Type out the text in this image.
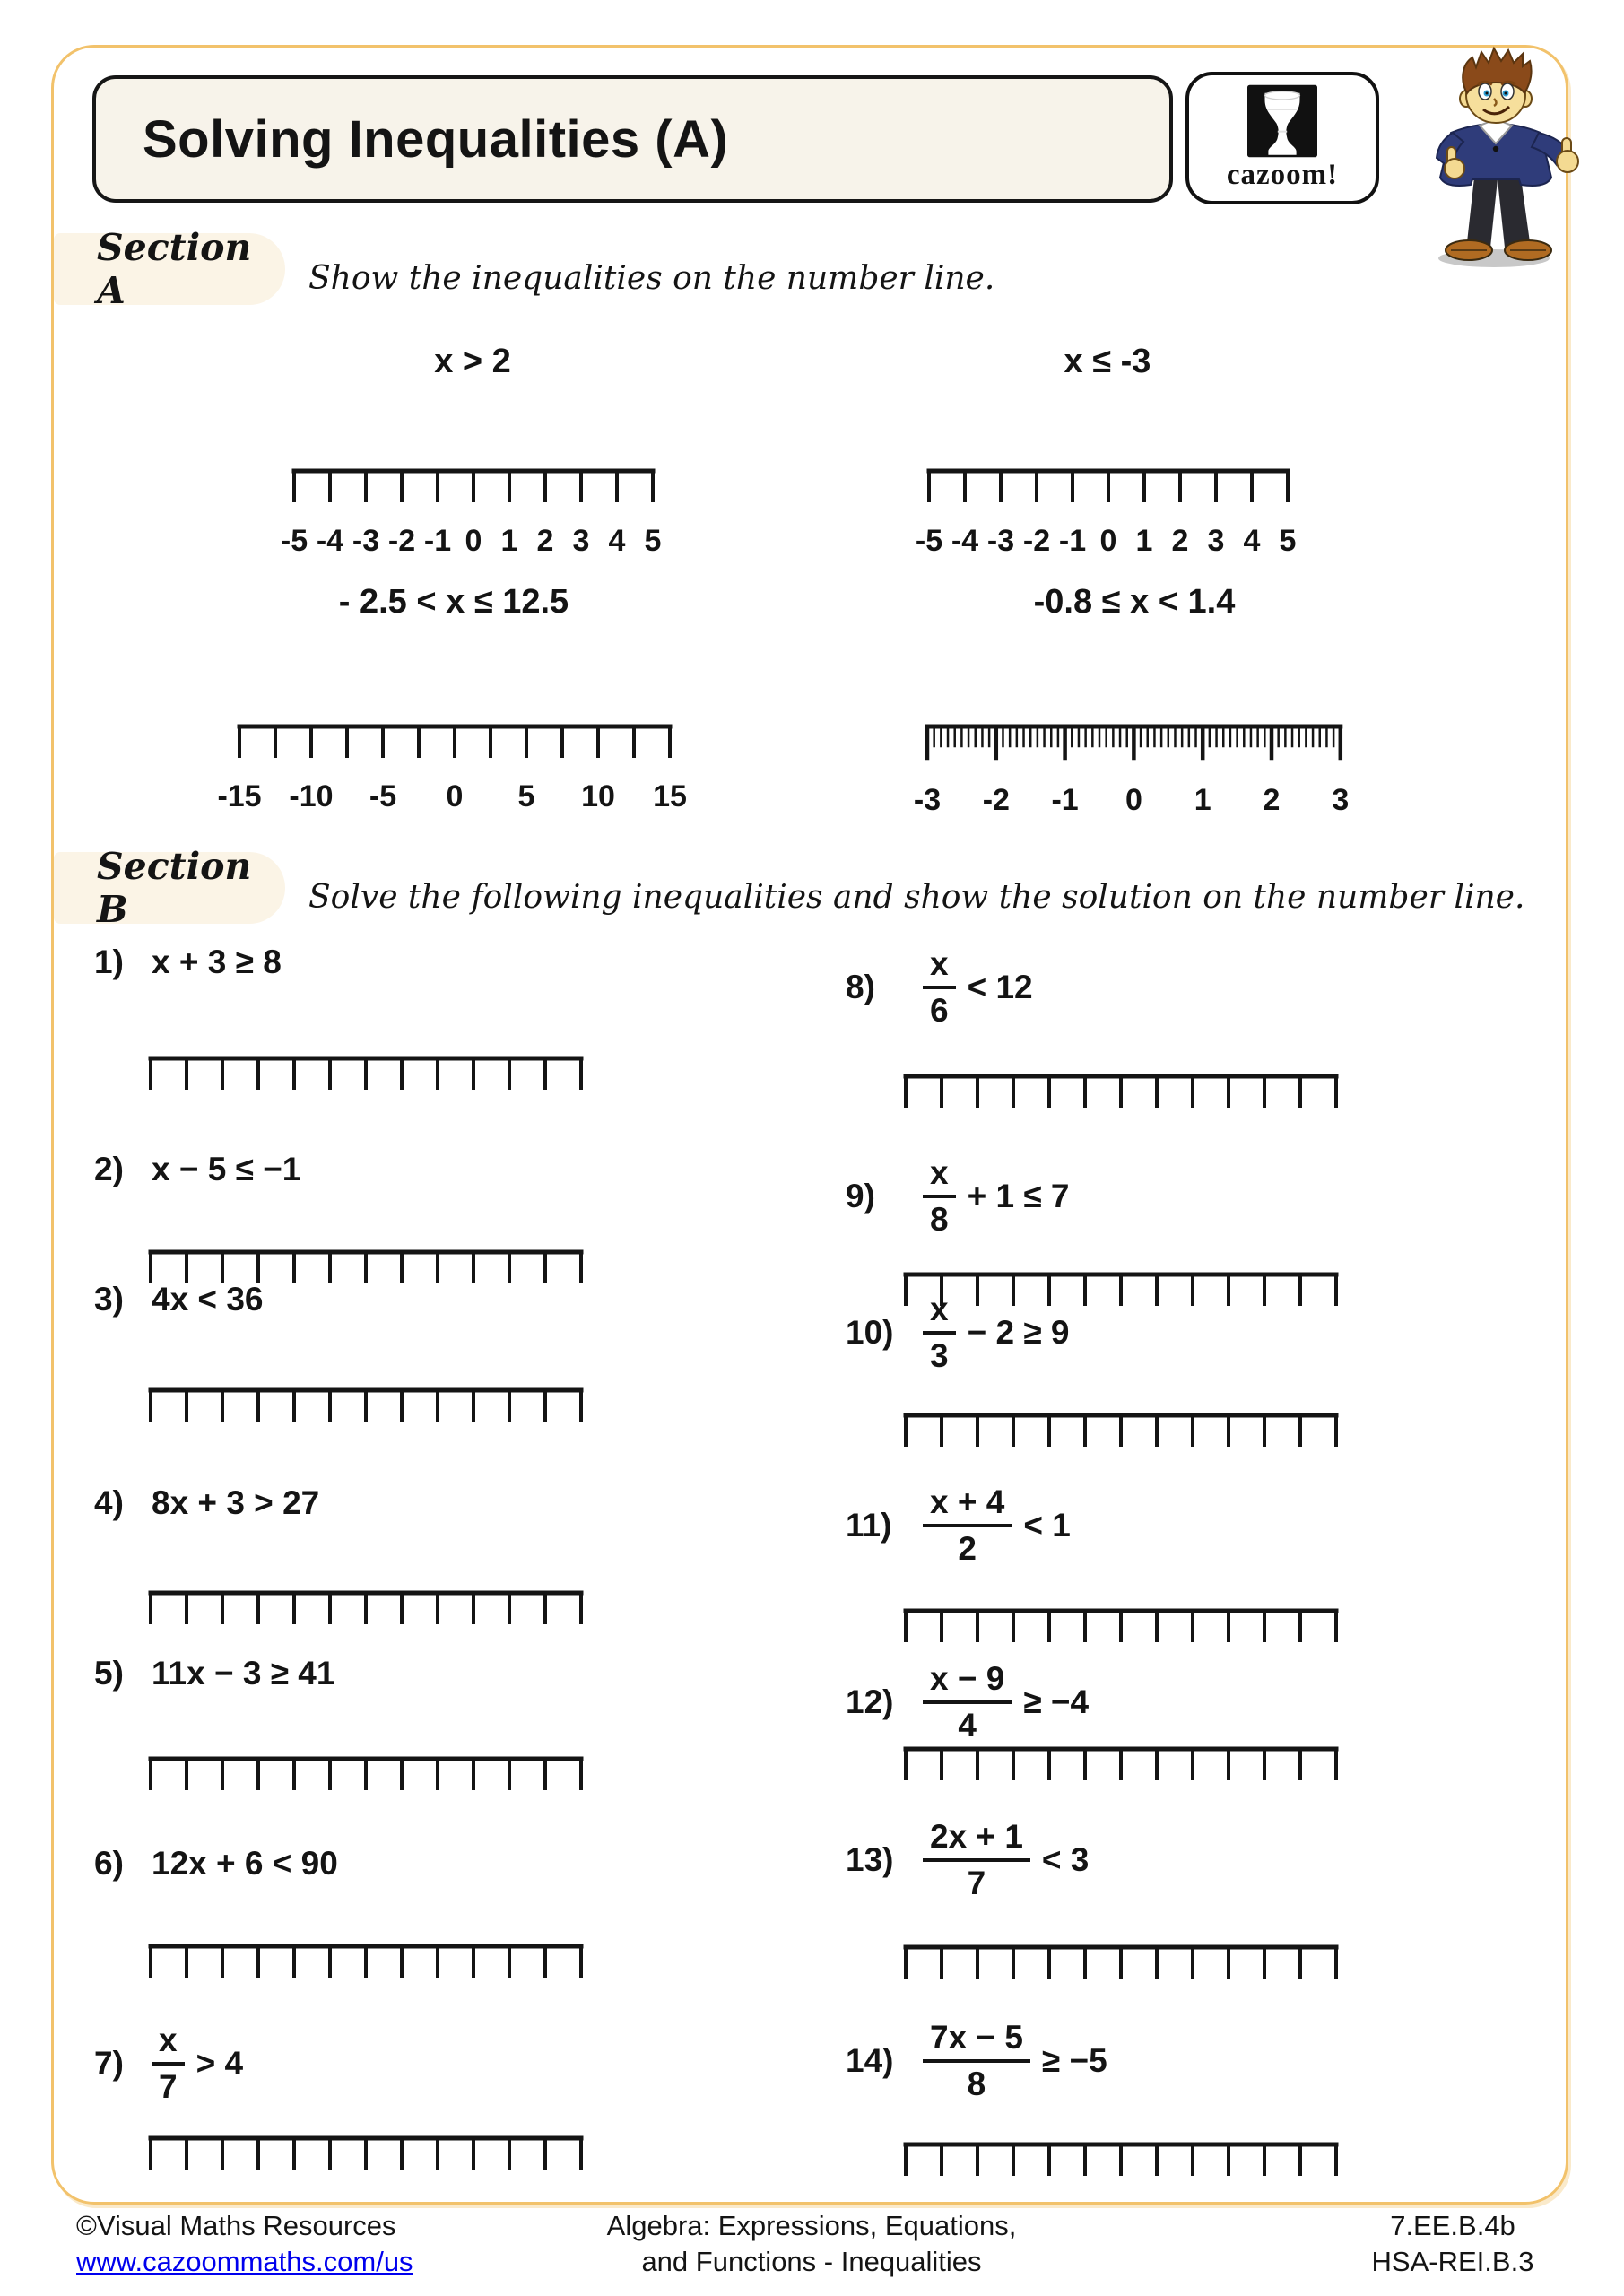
Solving Inequalities (A)
cazoom!
Section A	Show the inequalities on the number line.
x > 2
-5 -4 -3 -2 -1 0 1 2 3 4 5
x ≤ -3
-5 -4 -3 -2 -1 0 1 2 3 4 5
- 2.5 < x ≤ 12.5
-15 -10 -5 0 5 10 15
-0.8 ≤ x < 1.4
-3 -2 -1 0 1 2 3
Section B	Solve the following inequalities and show the solution on the number line.
1) x + 3 ≥ 8
2) x − 5 ≤ −1
3) 4x < 36
4) 8x + 3 > 27
5) 11x − 3 ≥ 41
6) 12x + 6 < 90
$7) \frac{x}{7} > 4$
8)	$\frac{x}{6} < 12$
9)	$\frac{x}{8} + 1 \le 7$
$10) \frac{x}{3} - 2 \ge 9$
$11) \frac{x + 4}{2} < 1$
$12) \frac{x - 9}{4} \ge -4$
$13) \frac{2x + 1}{7} < 3$
$14) \frac{7x - 5}{8} \ge -5$
©Visual Maths Resources
www.cazoommaths.com/us
Algebra: Expressions, Equations,
and Functions - Inequalities
7.EE.B.4b
HSA-REI.B.3
